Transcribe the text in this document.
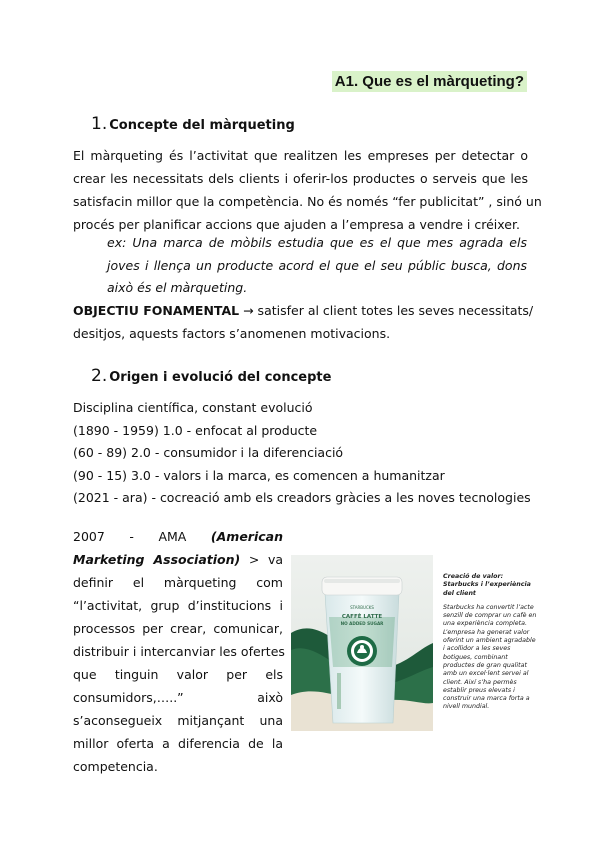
A1. Que es el màrqueting?
1. Concepte del màrqueting
El màrqueting és l’activitat que realitzen les empreses per detectar o
crear les necessitats dels clients i oferir-los productes o serveis que les
satisfacin millor que la competència. No és només “fer publicitat” , sinó un
procés per planificar accions que ajuden a l’empresa a vendre i créixer.
ex: Una marca de mòbils estudia que es el que mes agrada els
joves i llença un producte acord el que el seu públic busca, dons
això és el màrqueting.
OBJECTIU FONAMENTAL → satisfer al client totes les seves necessitats/
desitjos, aquests factors s’anomenen motivacions.
2. Origen i evolució del concepte
Disciplina científica, constant evolució
(1890 - 1959) 1.0 - enfocat al producte
(60 - 89) 2.0 - consumidor i la diferenciació
(90 - 15) 3.0 - valors i la marca, es comencen a humanitzar
(2021 - ara) - cocreació amb els creadors gràcies a les noves tecnologies
2007     -     AMA     (American
Marketing Association) > va
definir el màrqueting com
“l’activitat, grup d’institucions i
processos per crear, comunicar,
distribuir i intercanviar les ofertes
que tinguin valor per els
consumidors,…..” això
s’aconsegueix mitjançant una
millor oferta a diferencia de la
competencia.
STARBUCKS
CAFFÈ LATTE
NO ADDED SUGAR
Creació de valor: Starbucks i l’experiència del client
Starbucks ha convertit l’acte senzill de comprar un cafè en una experiència completa. L’empresa ha generat valor oferint un ambient agradable i acollidor a les seves botigues, combinant productes de gran qualitat amb un excel·lent servei al client. Així s’ha permès establir preus elevats i construir una marca forta a nivell mundial.
